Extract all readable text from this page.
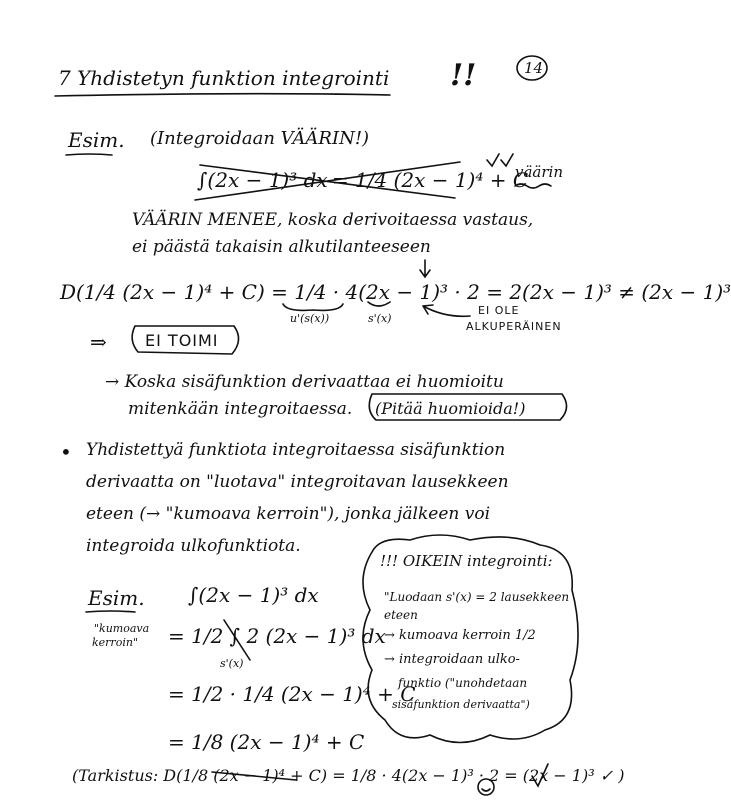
14
7 Yhdistetyn funktion integrointi !!
Esim. (Integroidaan VÄÄRIN!)
∫(2x − 1)³ dx = 1/4 (2x − 1)⁴ + C
väärin
VÄÄRIN MENEE, koska derivoitaessa vastaus,
ei päästä takaisin alkutilanteeseen
D(1/4 (2x − 1)⁴ + C) = 1/4 · 4(2x − 1)³ · 2 = 2(2x − 1)³ ≠ (2x − 1)³
u'(s(x))	s'(x)
EI OLE
ALKUPERÄINEN
⇒ EI TOIMI
→ Koska sisäfunktion derivaattaa ei huomioitu
mitenkään integroitaessa. (Pitää huomioida!)
• Yhdistettyä funktiota integroitaessa sisäfunktion
derivaatta on "luotava" integroitavan lausekkeen
eteen (→ "kumoava kerroin"), jonka jälkeen voi
integroida ulkofunktiota.
Esim. ∫(2x − 1)³ dx
"kumoava
kerroin" = 1/2 ∫ 2 (2x − 1)³ dx
s'(x)
= 1/2 · 1/4 (2x − 1)⁴ + C
= 1/8 (2x − 1)⁴ + C
(Tarkistus: D(1/8 (2x − 1)⁴ + C) = 1/8 · 4(2x − 1)³ · 2 = (2x − 1)³ ✓ )
!!! OIKEIN integrointi:
"Luodaan s'(x) = 2 lausekkeen
eteen
→ kumoava kerroin 1/2
→ integroidaan ulko-
funktio ("unohdetaan
sisäfunktion derivaatta")
